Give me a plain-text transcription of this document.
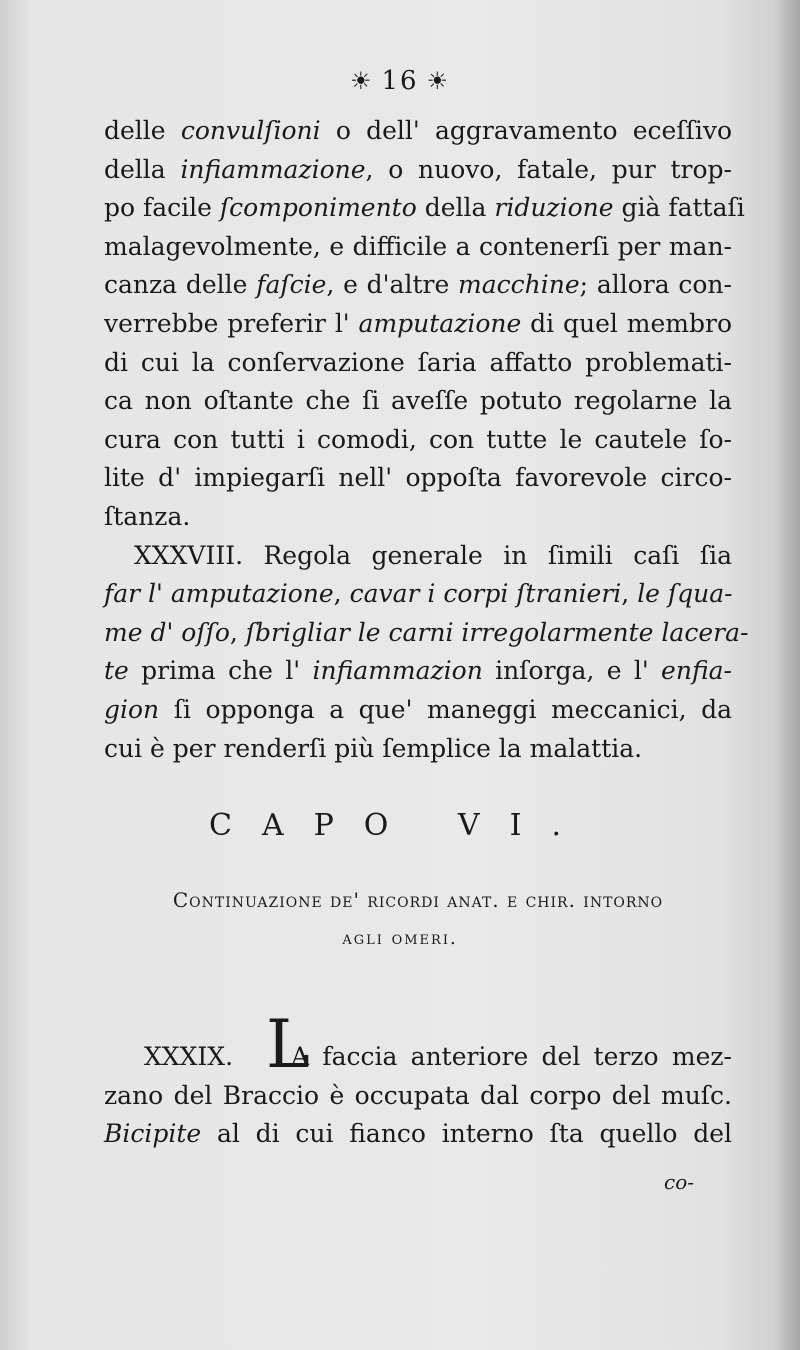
☀ 16 ☀
delle convulſioni o dell' aggravamento eceſſivo
della infiammazione, o nuovo, fatale, pur trop-
po facile ſcomponimento della riduzione già fattaſi
malagevolmente, e difficile a contenerſi per man-
canza delle faſcie, e d'altre macchine; allora con-
verrebbe preferir l' amputazione di quel membro
di cui la conſervazione ſaria affatto problemati-
ca non oſtante che ſi aveſſe potuto regolarne la
cura con tutti i comodi, con tutte le cautele ſo-
lite d' impiegarſi nell' oppoſta favorevole circo-
ſtanza.
XXXVIII. Regola generale in ſimili caſi ſia
far l' amputazione, cavar i corpi ſtranieri, le ſqua-
me d' oſſo, ſbrigliar le carni irregolarmente lacera-
te prima che l' infiammazion inſorga, e l' enfia-
gion ſi opponga a que' maneggi meccanici, da
cui è per renderſi più ſemplice la malattia.
CAPO VI.
Continuazione de' ricordi anat. e chir. intorno
agli omeri.
XXXIX. A faccia anteriore del terzo mez-
zano del Braccio è occupata dal corpo del muſc.
Bicipite al di cui fianco interno ſta quello del
L
co-
